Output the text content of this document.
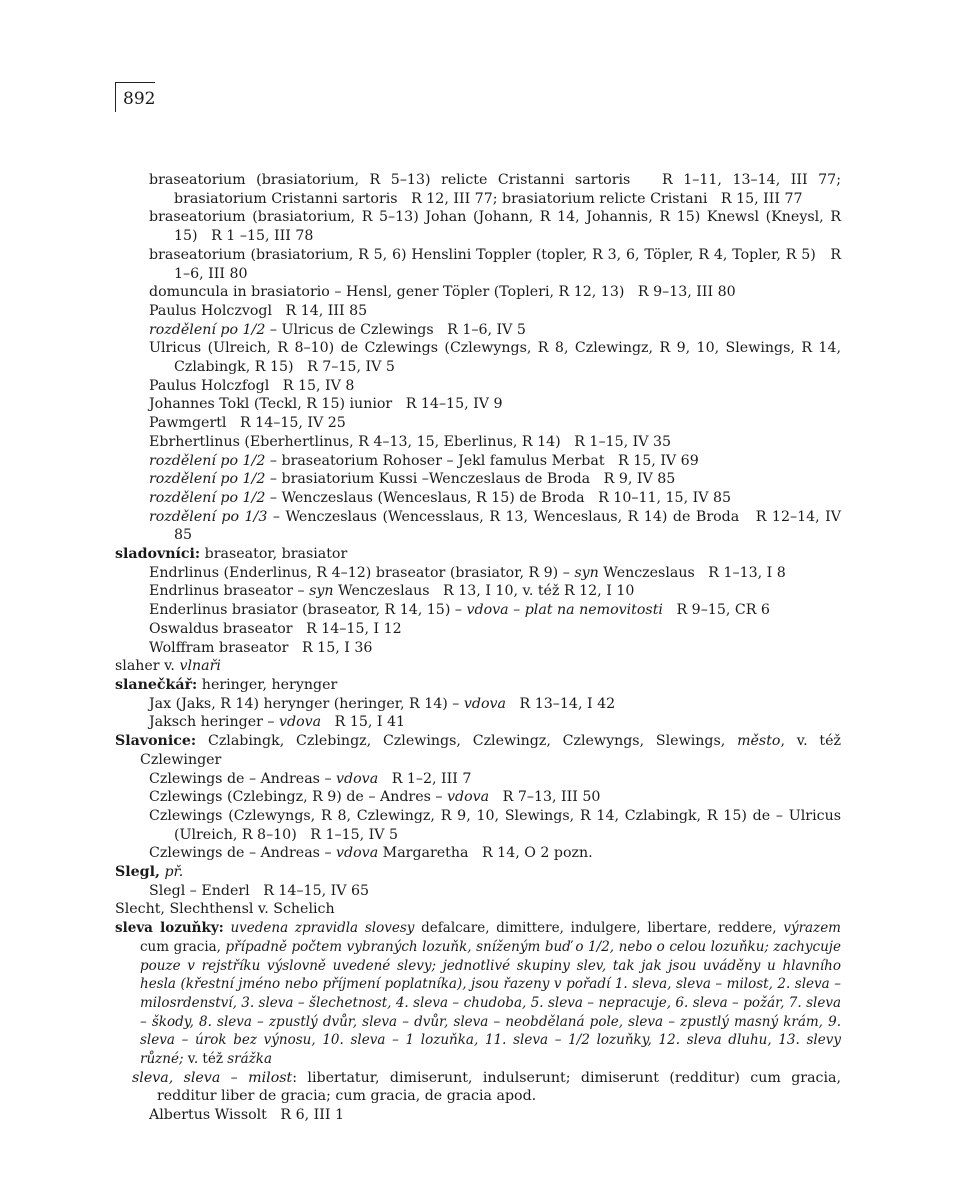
892
braseatorium (brasiatorium, R 5–13) relicte Cristanni sartoris   R 1–11, 13–14, III 77; brasiatorium Cristanni sartoris   R 12, III 77; brasiatorium relicte Cristani   R 15, III 77
braseatorium (brasiatorium, R 5–13) Johan (Johann, R 14, Johannis, R 15) Knewsl (Kneysl, R 15)   R 1 –15, III 78
braseatorium (brasiatorium, R 5, 6) Henslini Toppler (topler, R 3, 6, Töpler, R 4, Topler, R 5)   R 1–6, III 80
domuncula in brasiatorio – Hensl, gener Töpler (Topleri, R 12, 13)   R 9–13, III 80
Paulus Holczvogl   R 14, III 85
rozdělení po 1/2 – Ulricus de Czlewings   R 1–6, IV 5
Ulricus (Ulreich, R 8–10) de Czlewings (Czlewyngs, R 8, Czlewingz, R 9, 10, Slewings, R 14, Czlabingk, R 15)   R 7–15, IV 5
Paulus Holczfogl   R 15, IV 8
Johannes Tokl (Teckl, R 15) iunior   R 14–15, IV 9
Pawmgertl   R 14–15, IV 25
Ebrhertlinus (Eberhertlinus, R 4–13, 15, Eberlinus, R 14)   R 1–15, IV 35
rozdělení po 1/2 – braseatorium Rohoser – Jekl famulus Merbat   R 15, IV 69
rozdělení po 1/2 – brasiatorium Kussi –Wenczeslaus de Broda   R 9, IV 85
rozdělení po 1/2 – Wenczeslaus (Wenceslaus, R 15) de Broda   R 10–11, 15, IV 85
rozdělení po 1/3 – Wenczeslaus (Wencesslaus, R 13, Wenceslaus, R 14) de Broda   R 12–14, IV 85
sladovníci: braseator, brasiator
Endrlinus (Enderlinus, R 4–12) braseator (brasiator, R 9) – syn Wenczeslaus   R 1–13, I 8
Endrlinus braseator – syn Wenczeslaus   R 13, I 10, v. též R 12, I 10
Enderlinus brasiator (braseator, R 14, 15) – vdova – plat na nemovitosti   R 9–15, CR 6
Oswaldus braseator   R 14–15, I 12
Wolffram braseator   R 15, I 36
slaher v. vlnaři
slanečkář: heringer, herynger
Jax (Jaks, R 14) herynger (heringer, R 14) – vdova   R 13–14, I 42
Jaksch heringer – vdova   R 15, I 41
Slavonice: Czlabingk, Czlebingz, Czlewings, Czlewingz, Czlewyngs, Slewings, město, v. též Czlewinger
Czlewings de – Andreas – vdova   R 1–2, III 7
Czlewings (Czlebingz, R 9) de – Andres – vdova   R 7–13, III 50
Czlewings (Czlewyngs, R 8, Czlewingz, R 9, 10, Slewings, R 14, Czlabingk, R 15) de – Ulricus (Ulreich, R 8–10)   R 1–15, IV 5
Czlewings de – Andreas – vdova Margaretha   R 14, O 2 pozn.
Slegl, př.
Slegl – Enderl   R 14–15, IV 65
Slecht, Slechthensl v. Schelich
sleva lozuňky: uvedena zpravidla slovesy defalcare, dimittere, indulgere, libertare, reddere, výrazem cum gracia, případně počtem vybraných lozuňk, sníženým buď o 1/2, nebo o celou lozuňku; zachycuje pouze v rejstříku výslovně uvedené slevy; jednotlivé skupiny slev, tak jak jsou uváděny u hlavního hesla (křestní jméno nebo příjmení poplatníka), jsou řazeny v pořadí 1. sleva, sleva – milost, 2. sleva – milosrdenství, 3. sleva – šlechetnost, 4. sleva – chudoba, 5. sleva – nepracuje, 6. sleva – požár, 7. sleva – škody, 8. sleva – zpustlý dvůr, sleva – dvůr, sleva – neobdělaná pole, sleva – zpustlý masný krám, 9. sleva – úrok bez výnosu, 10. sleva – 1 lozuňka, 11. sleva – 1/2 lozuňky, 12. sleva dluhu, 13. slevy různé; v. též srážka
sleva, sleva – milost: libertatur, dimiserunt, indulserunt; dimiserunt (redditur) cum gracia, redditur liber de gracia; cum gracia, de gracia apod.
Albertus Wissolt   R 6, III 1
